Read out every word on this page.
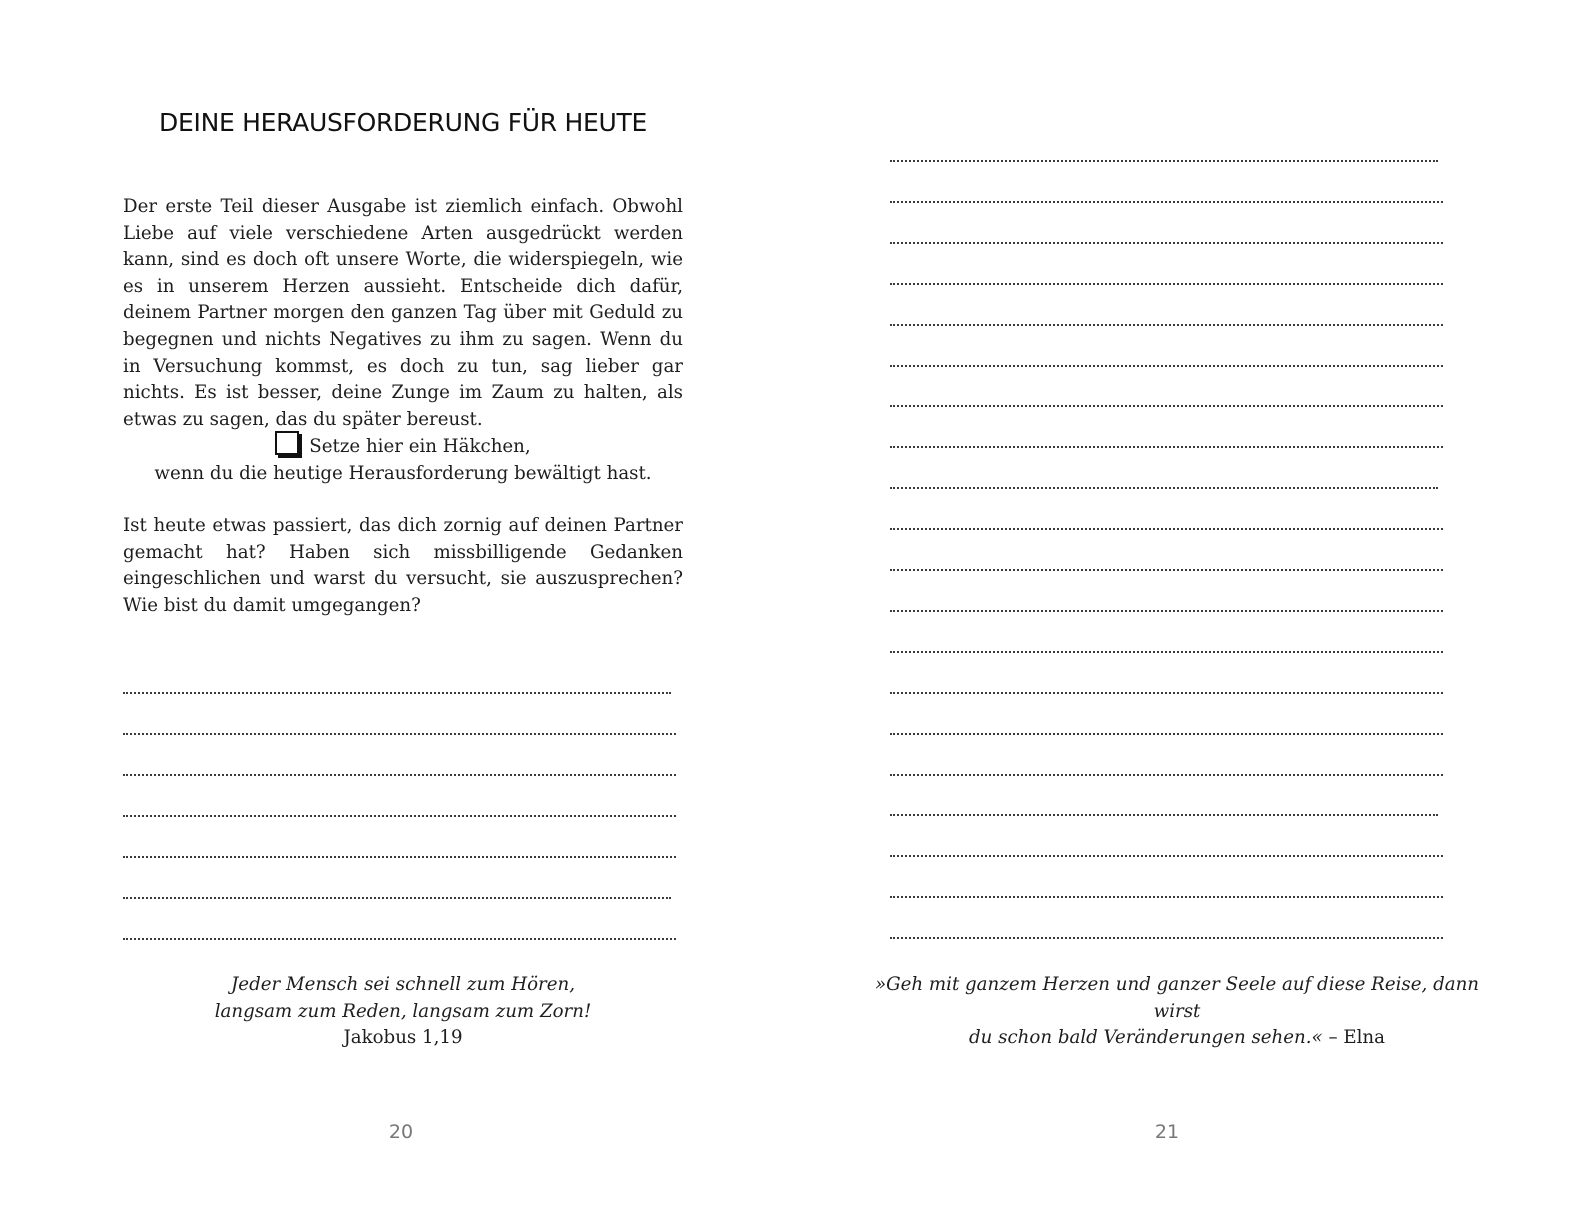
DEINE HERAUSFORDERUNG FÜR HEUTE

Der erste Teil dieser Ausgabe ist ziemlich einfach. Obwohl Liebe auf viele verschiedene Arten ausgedrückt werden kann, sind es doch oft unsere Worte, die widerspiegeln, wie es in unserem Herzen aussieht. Entscheide dich dafür, deinem Partner morgen den ganzen Tag über mit Geduld zu begegnen und nichts Negatives zu ihm zu sagen. Wenn du in Versuchung kommst, es doch zu tun, sag lieber gar nichts. Es ist besser, deine Zunge im Zaum zu halten, als etwas zu sagen, das du später bereust.

Setze hier ein Häkchen,
wenn du die heutige Herausforderung bewältigt hast.

Ist heute etwas passiert, das dich zornig auf deinen Partner gemacht hat? Haben sich missbilligende Gedanken eingeschlichen und warst du versucht, sie auszusprechen? Wie bist du damit umgegangen?

Jeder Mensch sei schnell zum Hören,
langsam zum Reden, langsam zum Zorn!
Jakobus 1,19

20

»Geh mit ganzem Herzen und ganzer Seele auf diese Reise, dann wirst
du schon bald Veränderungen sehen.« – Elna

21
